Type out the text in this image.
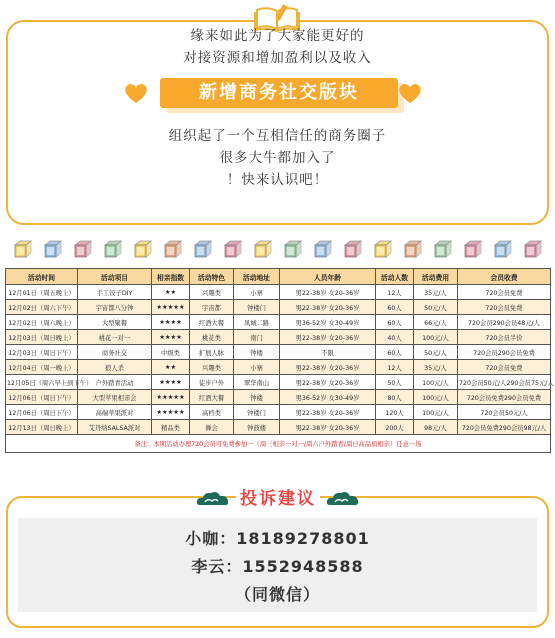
缘来如此为了大家能更好的
对接资源和增加盈利以及收入
新增商务社交版块
组织起了一个互相信任的商务圈子
很多大牛都加入了
！快来认识吧！
活动时间	活动项目	相亲指数	活动特色	活动地址	人员年龄	活动人数	活动费用	会员收费
12月01日（周五晚上）	手工饺子DIY	★★	兴趣类	小寨	男22-38岁 女20-36岁	12人	35元/人	720会员免费
12月02日（周六下午）	宇宙都八分钟	★★★★★	宇宙都	钟楼门	男22-38岁 女20-36岁	60人	50元/人	720会员免费
12月02日（周六晚上）	大型聚餐	★★★★	红酒大餐	凤城二路	男36-52岁 女30-49岁	60人	66元/人	720会员290会员48元/人
12月03日（周日晚上）	桃花一对一	★★★★	桃花类	南门	男22-38岁 女20-36岁	40人	100元/人	720会员半价
12月03日（周日下午）	商务社交	中级类	扩展人脉	钟楼	不限	60人	50元/人	720会员290会员免费
12月04日（周一晚上）	狼人杀	★★	兴趣类	小寨	男22-38岁 女20-36岁	12人	35元/人	720会员免费
12月05日（周六早上到下午）	户外踏青活动	★★★★	徒步户外	翠华南山	男22-38岁 女20-36岁	50人	100元/人	720会员50元/人290会员75元/人
12月06日（周日下午）	大型苹果相亲会	★★★★★	红酒大餐	钟楼	男36-52岁 女30-49岁	80人	100元/人	720会员免费290会员免费
12月06日（周日下午）	高端苹果派对	★★★★★	高档类	钟楼门	男22-38岁 女20-36岁	120人	100元/人	720会员50元/人
12月13日（周日晚上）	艾丹纳SALSA派对	精品类	舞会	钟鼓楼	男22-38岁 女20-36岁	200人	98元/人	720会员免费290会员98元/人
备注：本期活动办理720会员可免费参加一（周三相亲一对一/周六户外踏青/周日高品质相亲）任意一场								
投诉建议
小咖：18189278801
李云：1552948588
（同微信）
